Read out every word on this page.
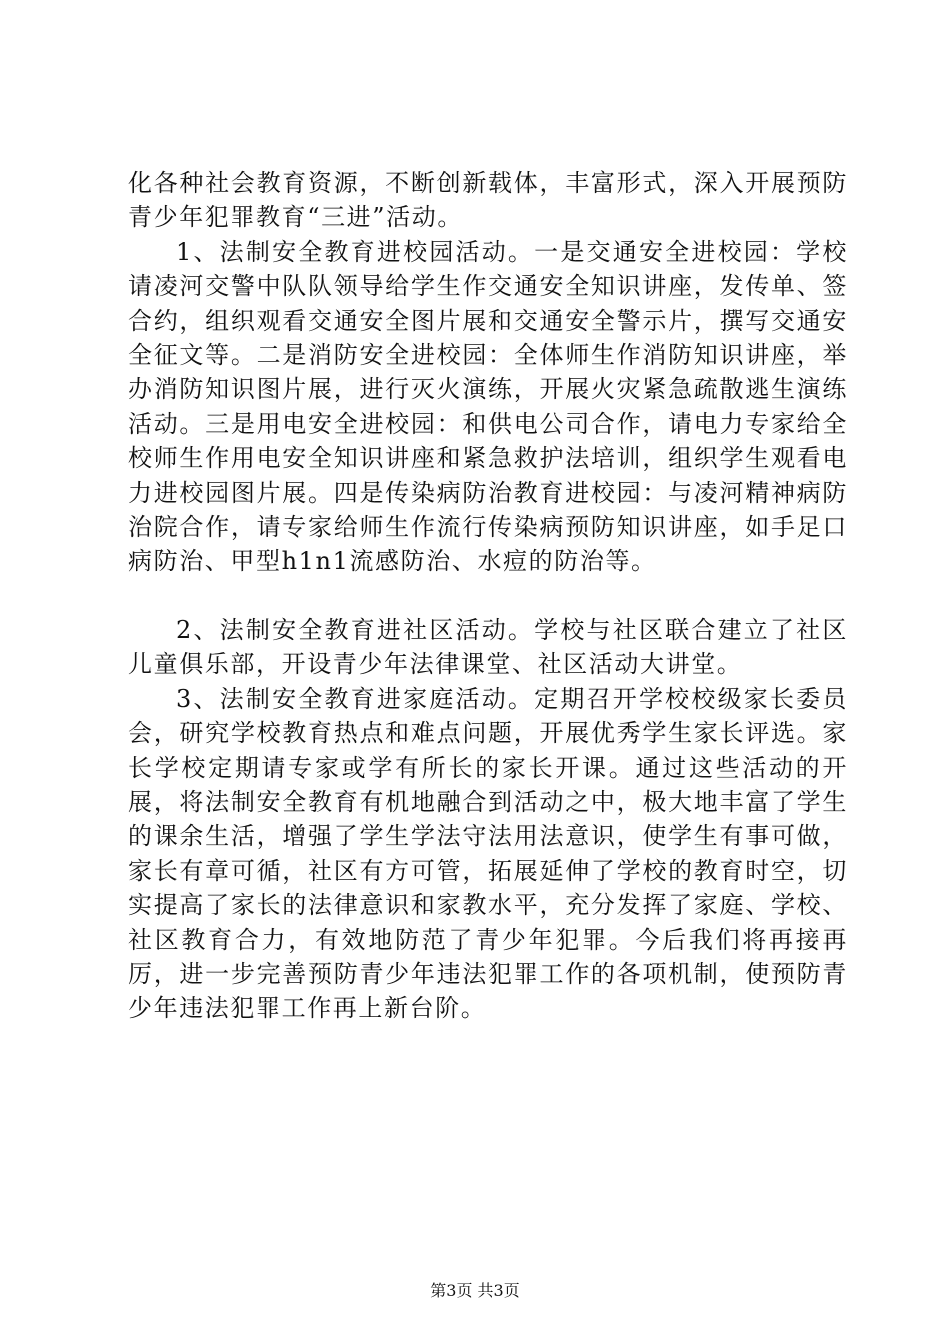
化各种社会教育资源，不断创新载体，丰富形式，深入开展预防青少年犯罪教育“三进”活动。

1、法制安全教育进校园活动。一是交通安全进校园：学校请凌河交警中队队领导给学生作交通安全知识讲座，发传单、签合约，组织观看交通安全图片展和交通安全警示片，撰写交通安全征文等。二是消防安全进校园：全体师生作消防知识讲座，举办消防知识图片展，进行灭火演练，开展火灾紧急疏散逃生演练活动。三是用电安全进校园：和供电公司合作，请电力专家给全校师生作用电安全知识讲座和紧急救护法培训，组织学生观看电力进校园图片展。四是传染病防治教育进校园：与凌河精神病防治院合作，请专家给师生作流行传染病预防知识讲座，如手足口病防治、甲型h1n1流感防治、水痘的防治等。

2、法制安全教育进社区活动。学校与社区联合建立了社区儿童俱乐部，开设青少年法律课堂、社区活动大讲堂。

3、法制安全教育进家庭活动。定期召开学校校级家长委员会，研究学校教育热点和难点问题，开展优秀学生家长评选。家长学校定期请专家或学有所长的家长开课。通过这些活动的开展，将法制安全教育有机地融合到活动之中，极大地丰富了学生的课余生活，增强了学生学法守法用法意识，使学生有事可做，家长有章可循，社区有方可管，拓展延伸了学校的教育时空，切实提高了家长的法律意识和家教水平，充分发挥了家庭、学校、社区教育合力，有效地防范了青少年犯罪。今后我们将再接再厉，进一步完善预防青少年违法犯罪工作的各项机制，使预防青少年违法犯罪工作再上新台阶。

第3页 共3页
